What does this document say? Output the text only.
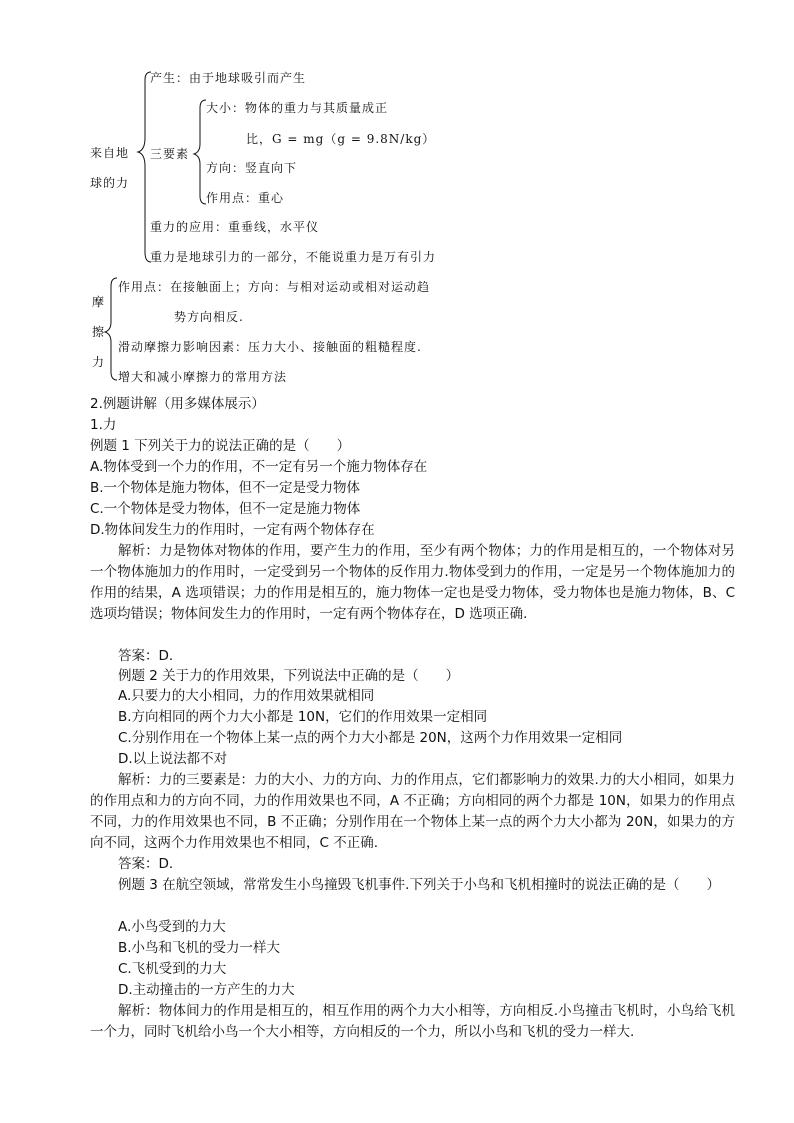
来自地
球的力
产生：由于地球吸引而产生
三要素
大小：物体的重力与其质量成正
比，G = mg（g = 9.8N/kg）
方向：竖直向下
作用点：重心
重力的应用：重垂线，水平仪
重力是地球引力的一部分，不能说重力是万有引力
摩
擦
力
作用点：在接触面上；方向：与相对运动或相对运动趋
势方向相反.
滑动摩擦力影响因素：压力大小、接触面的粗糙程度.
增大和减小摩擦力的常用方法
2.例题讲解（用多媒体展示）
1.力
例题 1 下列关于力的说法正确的是（　　）
A.物体受到一个力的作用，不一定有另一个施力物体存在
B.一个物体是施力物体，但不一定是受力物体
C.一个物体是受力物体，但不一定是施力物体
D.物体间发生力的作用时，一定有两个物体存在
解析：力是物体对物体的作用，要产生力的作用，至少有两个物体；力的作用是相互的，一个物体对另一个物体施加力的作用时，一定受到另一个物体的反作用力.物体受到力的作用，一定是另一个物体施加力的作用的结果，A 选项错误；力的作用是相互的，施力物体一定也是受力物体，受力物体也是施力物体，B、C 选项均错误；物体间发生力的作用时，一定有两个物体存在，D 选项正确.
答案：D.
例题 2 关于力的作用效果，下列说法中正确的是（　　）
A.只要力的大小相同，力的作用效果就相同
B.方向相同的两个力大小都是 10N，它们的作用效果一定相同
C.分别作用在一个物体上某一点的两个力大小都是 20N，这两个力作用效果一定相同
D.以上说法都不对
解析：力的三要素是：力的大小、力的方向、力的作用点，它们都影响力的效果.力的大小相同，如果力的作用点和力的方向不同，力的作用效果也不同，A 不正确；方向相同的两个力都是 10N，如果力的作用点不同，力的作用效果也不同，B 不正确；分别作用在一个物体上某一点的两个力大小都为 20N，如果力的方向不同，这两个力作用效果也不相同，C 不正确.
答案：D.
例题 3 在航空领域，常常发生小鸟撞毁飞机事件.下列关于小鸟和飞机相撞时的说法正确的是（　　）
A.小鸟受到的力大
B.小鸟和飞机的受力一样大
C.飞机受到的力大
D.主动撞击的一方产生的力大
解析：物体间力的作用是相互的，相互作用的两个力大小相等，方向相反.小鸟撞击飞机时，小鸟给飞机一个力，同时飞机给小鸟一个大小相等，方向相反的一个力，所以小鸟和飞机的受力一样大.
